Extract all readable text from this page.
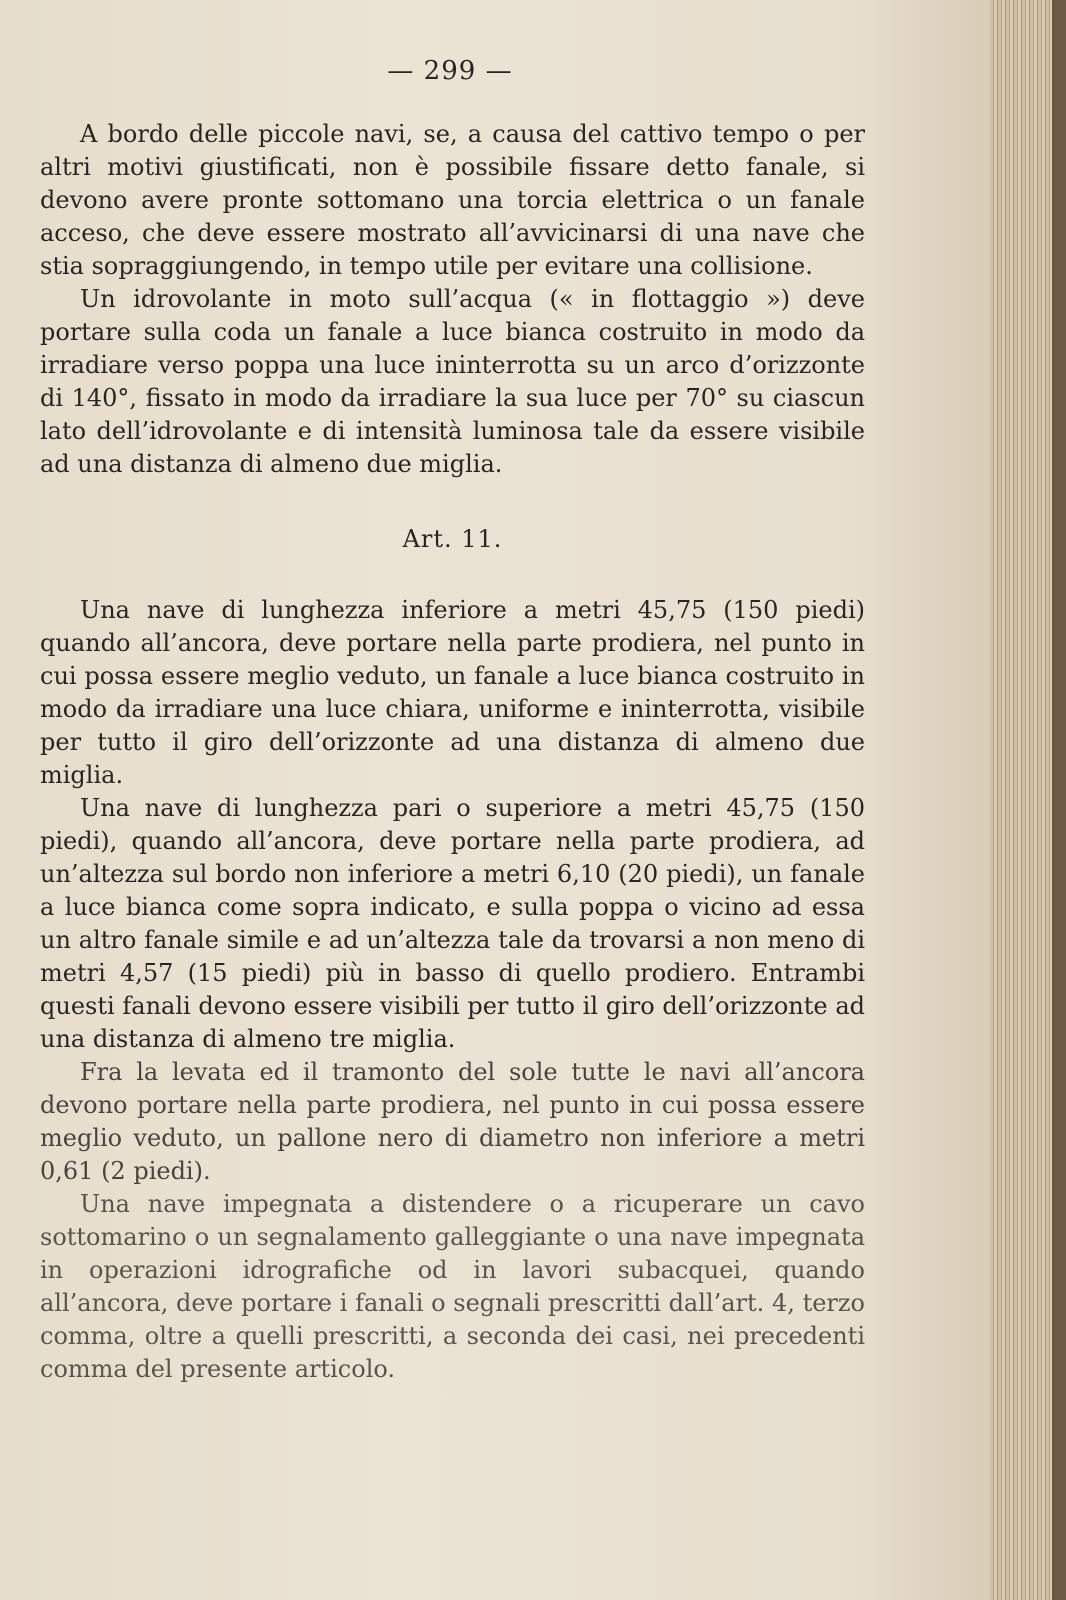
— 299 —

A bordo delle piccole navi, se, a causa del cattivo tempo o per altri motivi giustificati, non è possibile fissare detto fanale, si devono avere pronte sottomano una torcia elettrica o un fanale acceso, che deve essere mostrato all’avvicinarsi di una nave che stia sopraggiungendo, in tempo utile per evitare una collisione.

Un idrovolante in moto sull’acqua (« in flottaggio ») deve portare sulla coda un fanale a luce bianca costruito in modo da irradiare verso poppa una luce ininterrotta su un arco d’orizzonte di 140°, fissato in modo da irradiare la sua luce per 70° su ciascun lato dell’idrovolante e di intensità luminosa tale da essere visibile ad una distanza di almeno due miglia.

Art. 11.

Una nave di lunghezza inferiore a metri 45,75 (150 piedi) quando all’ancora, deve portare nella parte prodiera, nel punto in cui possa essere meglio veduto, un fanale a luce bianca costruito in modo da irradiare una luce chiara, uniforme e ininterrotta, visibile per tutto il giro dell’orizzonte ad una distanza di almeno due miglia.

Una nave di lunghezza pari o superiore a metri 45,75 (150 piedi), quando all’ancora, deve portare nella parte prodiera, ad un’altezza sul bordo non inferiore a metri 6,10 (20 piedi), un fanale a luce bianca come sopra indicato, e sulla poppa o vicino ad essa un altro fanale simile e ad un’altezza tale da trovarsi a non meno di metri 4,57 (15 piedi) più in basso di quello prodiero. Entrambi questi fanali devono essere visibili per tutto il giro dell’orizzonte ad una distanza di almeno tre miglia.

Fra la levata ed il tramonto del sole tutte le navi all’ancora devono portare nella parte prodiera, nel punto in cui possa essere meglio veduto, un pallone nero di diametro non inferiore a metri 0,61 (2 piedi).

Una nave impegnata a distendere o a ricuperare un cavo sottomarino o un segnalamento galleggiante o una nave impegnata in operazioni idrografiche od in lavori subacquei, quando all’ancora, deve portare i fanali o segnali prescritti dall’art. 4, terzo comma, oltre a quelli prescritti, a seconda dei casi, nei precedenti comma del presente articolo.
